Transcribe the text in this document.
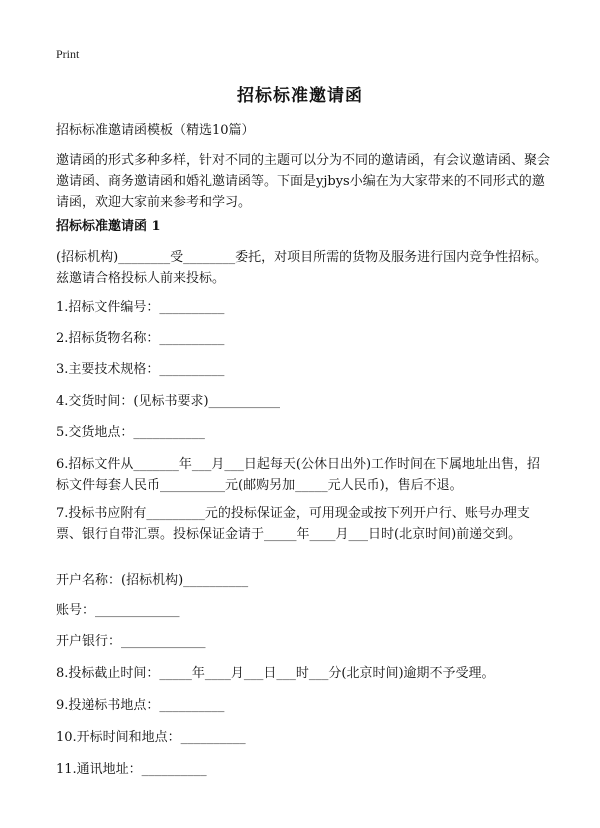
Print
招标标准邀请函
招标标准邀请函模板（精选10篇）
邀请函的形式多种多样，针对不同的主题可以分为不同的邀请函，有会议邀请函、聚会邀请函、商务邀请函和婚礼邀请函等。下面是yjbys小编在为大家带来的不同形式的邀请函，欢迎大家前来参考和学习。
招标标准邀请函 1
(招标机构)________受________委托，对项目所需的货物及服务进行国内竞争性招标。兹邀请合格投标人前来投标。
1.招标文件编号：__________
2.招标货物名称：__________
3.主要技术规格：__________
4.交货时间：(见标书要求)___________
5.交货地点：___________
6.招标文件从_______年___月___日起每天(公休日出外)工作时间在下属地址出售，招标文件每套人民币__________元(邮购另加_____元人民币)，售后不退。
7.投标书应附有_________元的投标保证金，可用现金或按下列开户行、账号办理支票、银行自带汇票。投标保证金请于_____年____月___日时(北京时间)前递交到。
开户名称：(招标机构)__________
账号：_____________
开户银行：_____________
8.投标截止时间：_____年____月___日___时___分(北京时间)逾期不予受理。
9.投递标书地点：__________
10.开标时间和地点：__________
11.通讯地址：__________
